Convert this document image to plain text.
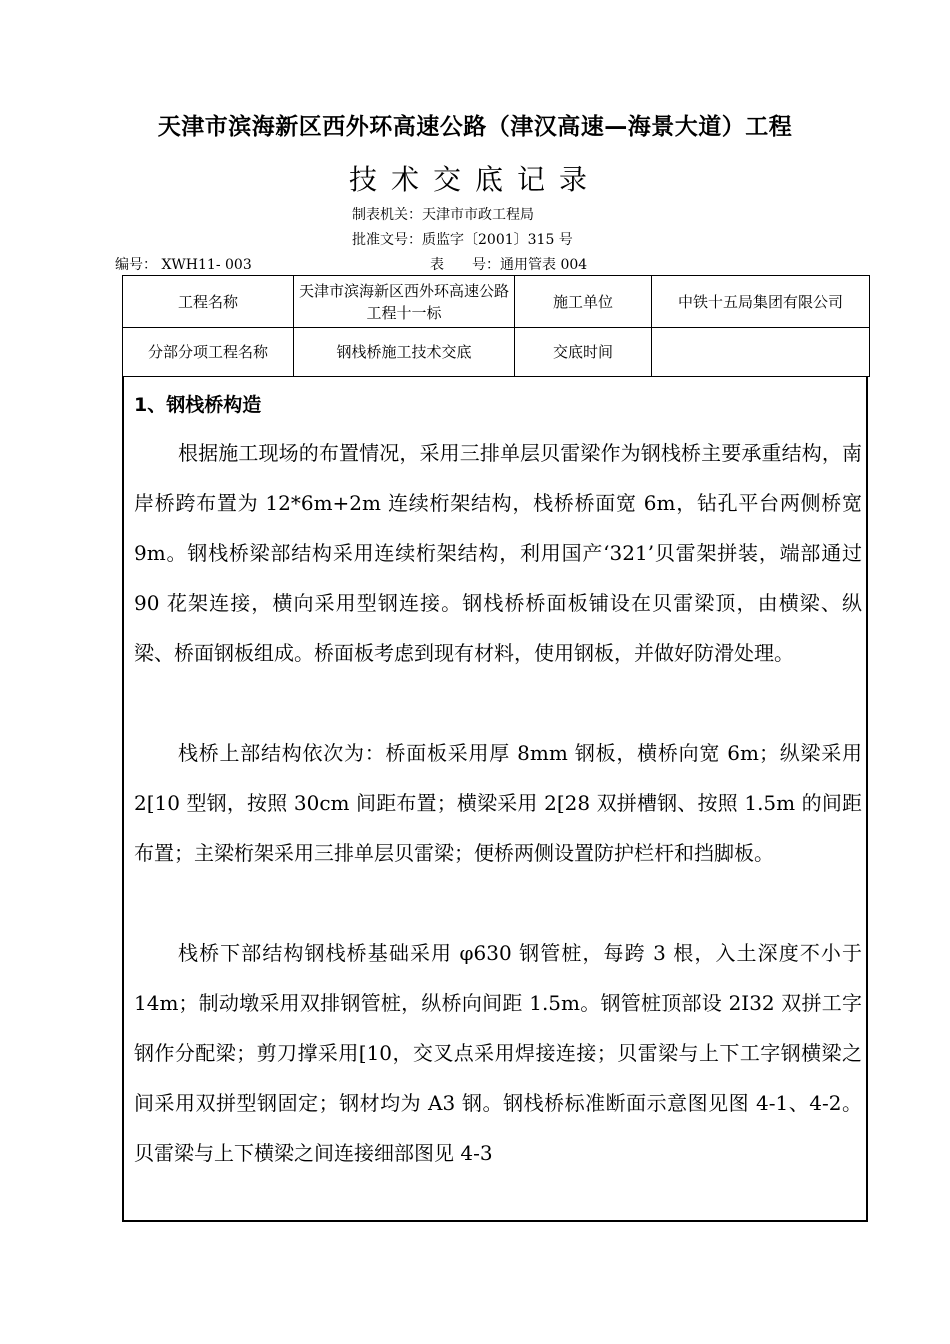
天津市滨海新区西外环高速公路（津汉高速—海景大道）工程
技术交底记录
制表机关：天津市市政工程局
批准文号：质监字〔2001〕315 号
编号： XWH11- 003	表　　号：通用管表 004
工程名称	天津市滨海新区西外环高速公路工程十一标	施工单位	中铁十五局集团有限公司
分部分项工程名称	钢栈桥施工技术交底	交底时间	
1、钢栈桥构造

根据施工现场的布置情况，采用三排单层贝雷梁作为钢栈桥主要承重结构，南岸桥跨布置为 12*6m+2m 连续桁架结构，栈桥桥面宽 6m，钻孔平台两侧桥宽 9m。钢栈桥梁部结构采用连续桁架结构，利用国产‘321’贝雷架拼装，端部通过 90 花架连接，横向采用型钢连接。钢栈桥桥面板铺设在贝雷梁顶，由横梁、纵梁、桥面钢板组成。桥面板考虑到现有材料，使用钢板，并做好防滑处理。

栈桥上部结构依次为：桥面板采用厚 8mm 钢板，横桥向宽 6m；纵梁采用 2[10 型钢，按照 30cm 间距布置；横梁采用 2[28 双拼槽钢、按照 1.5m 的间距布置；主梁桁架采用三排单层贝雷梁；便桥两侧设置防护栏杆和挡脚板。

栈桥下部结构钢栈桥基础采用 φ630 钢管桩，每跨 3 根，入土深度不小于 14m；制动墩采用双排钢管桩，纵桥向间距 1.5m。钢管桩顶部设 2I32 双拼工字钢作分配梁；剪刀撑采用[10，交叉点采用焊接连接；贝雷梁与上下工字钢横梁之间采用双拼型钢固定；钢材均为 A3 钢。钢栈桥标准断面示意图见图 4-1、4-2。贝雷梁与上下横梁之间连接细部图见 4-3
